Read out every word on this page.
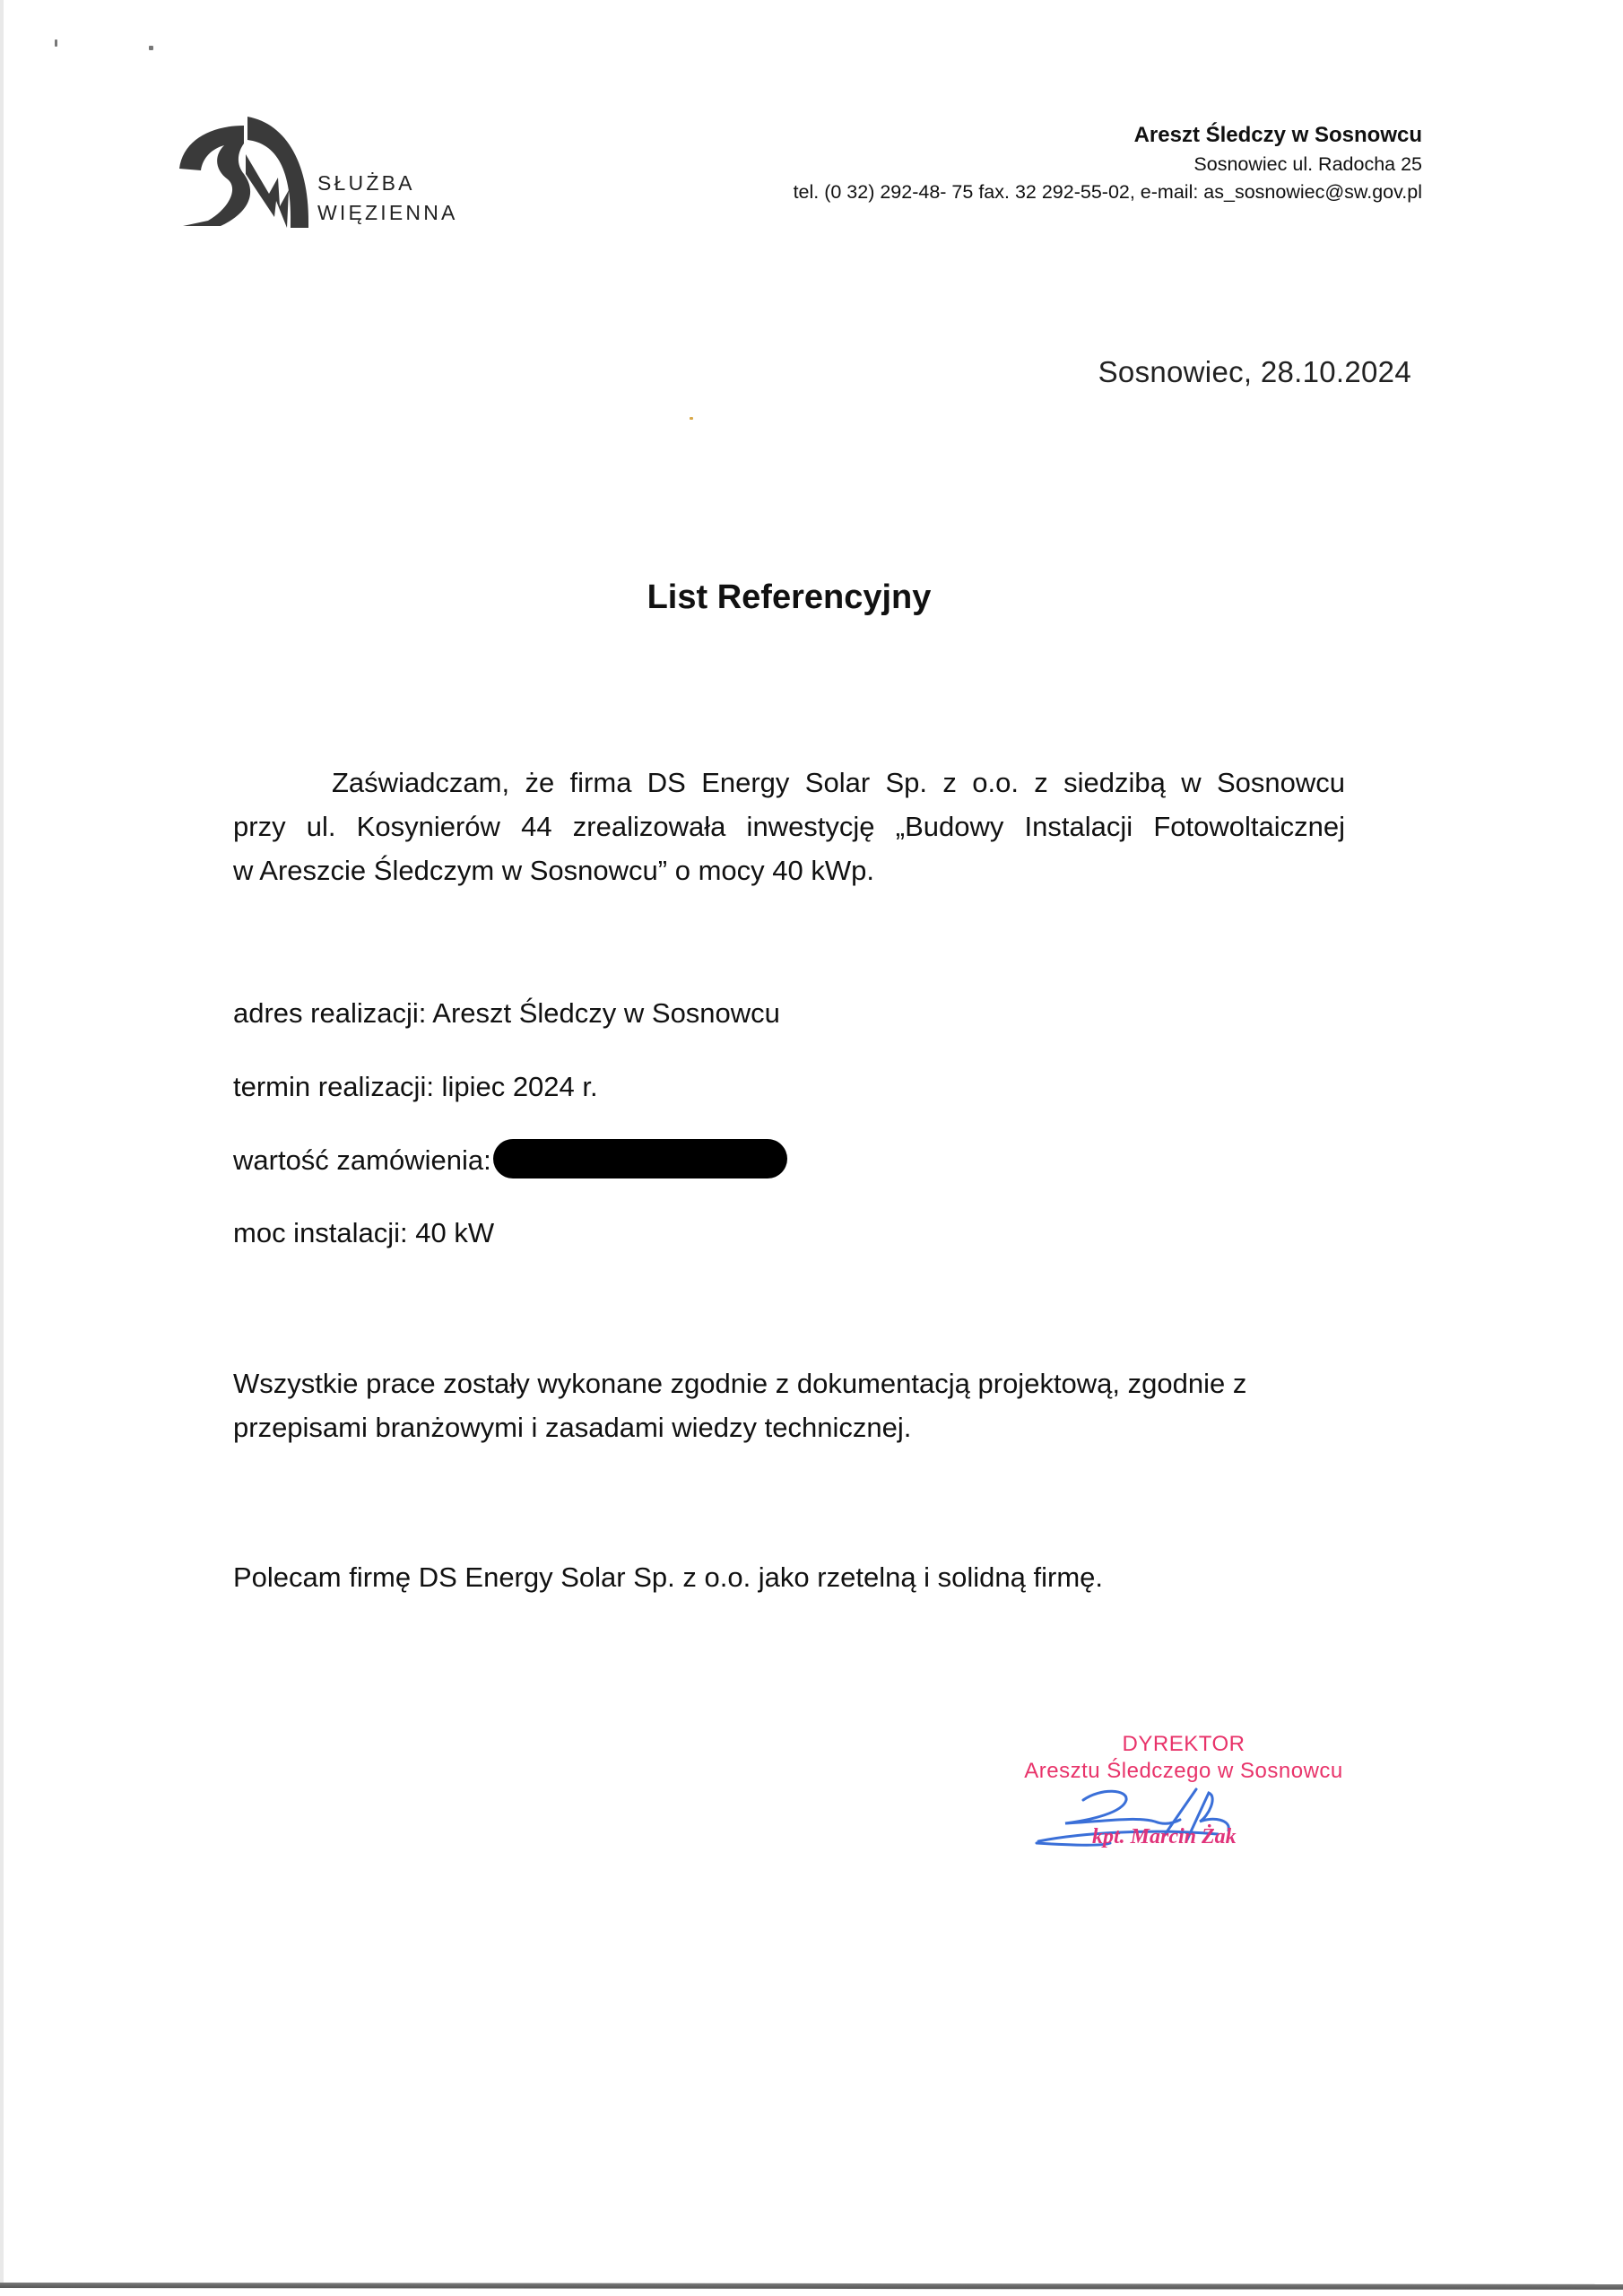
SŁUŻBA
WIĘZIENNA
Areszt Śledczy w Sosnowcu
Sosnowiec ul. Radocha 25
tel. (0 32) 292-48- 75 fax. 32 292-55-02, e-mail: as_sosnowiec@sw.gov.pl
Sosnowiec, 28.10.2024
List Referencyjny
Zaświadczam, że firma DS Energy Solar Sp. z o.o. z siedzibą w Sosnowcu
przy ul. Kosynierów 44 zrealizowała inwestycję „Budowy Instalacji Fotowoltaicznej
w Areszcie Śledczym w Sosnowcu” o mocy 40 kWp.
adres realizacji: Areszt Śledczy w Sosnowcu
termin realizacji: lipiec 2024 r.
wartość zamówienia:
moc instalacji: 40 kW
Wszystkie prace zostały wykonane zgodnie z dokumentacją projektową, zgodnie z
przepisami branżowymi i zasadami wiedzy technicznej.
Polecam firmę DS Energy Solar Sp. z o.o. jako rzetelną i solidną firmę.
DYREKTOR
Aresztu Śledczego w Sosnowcu
kpt. Marcin Żak
